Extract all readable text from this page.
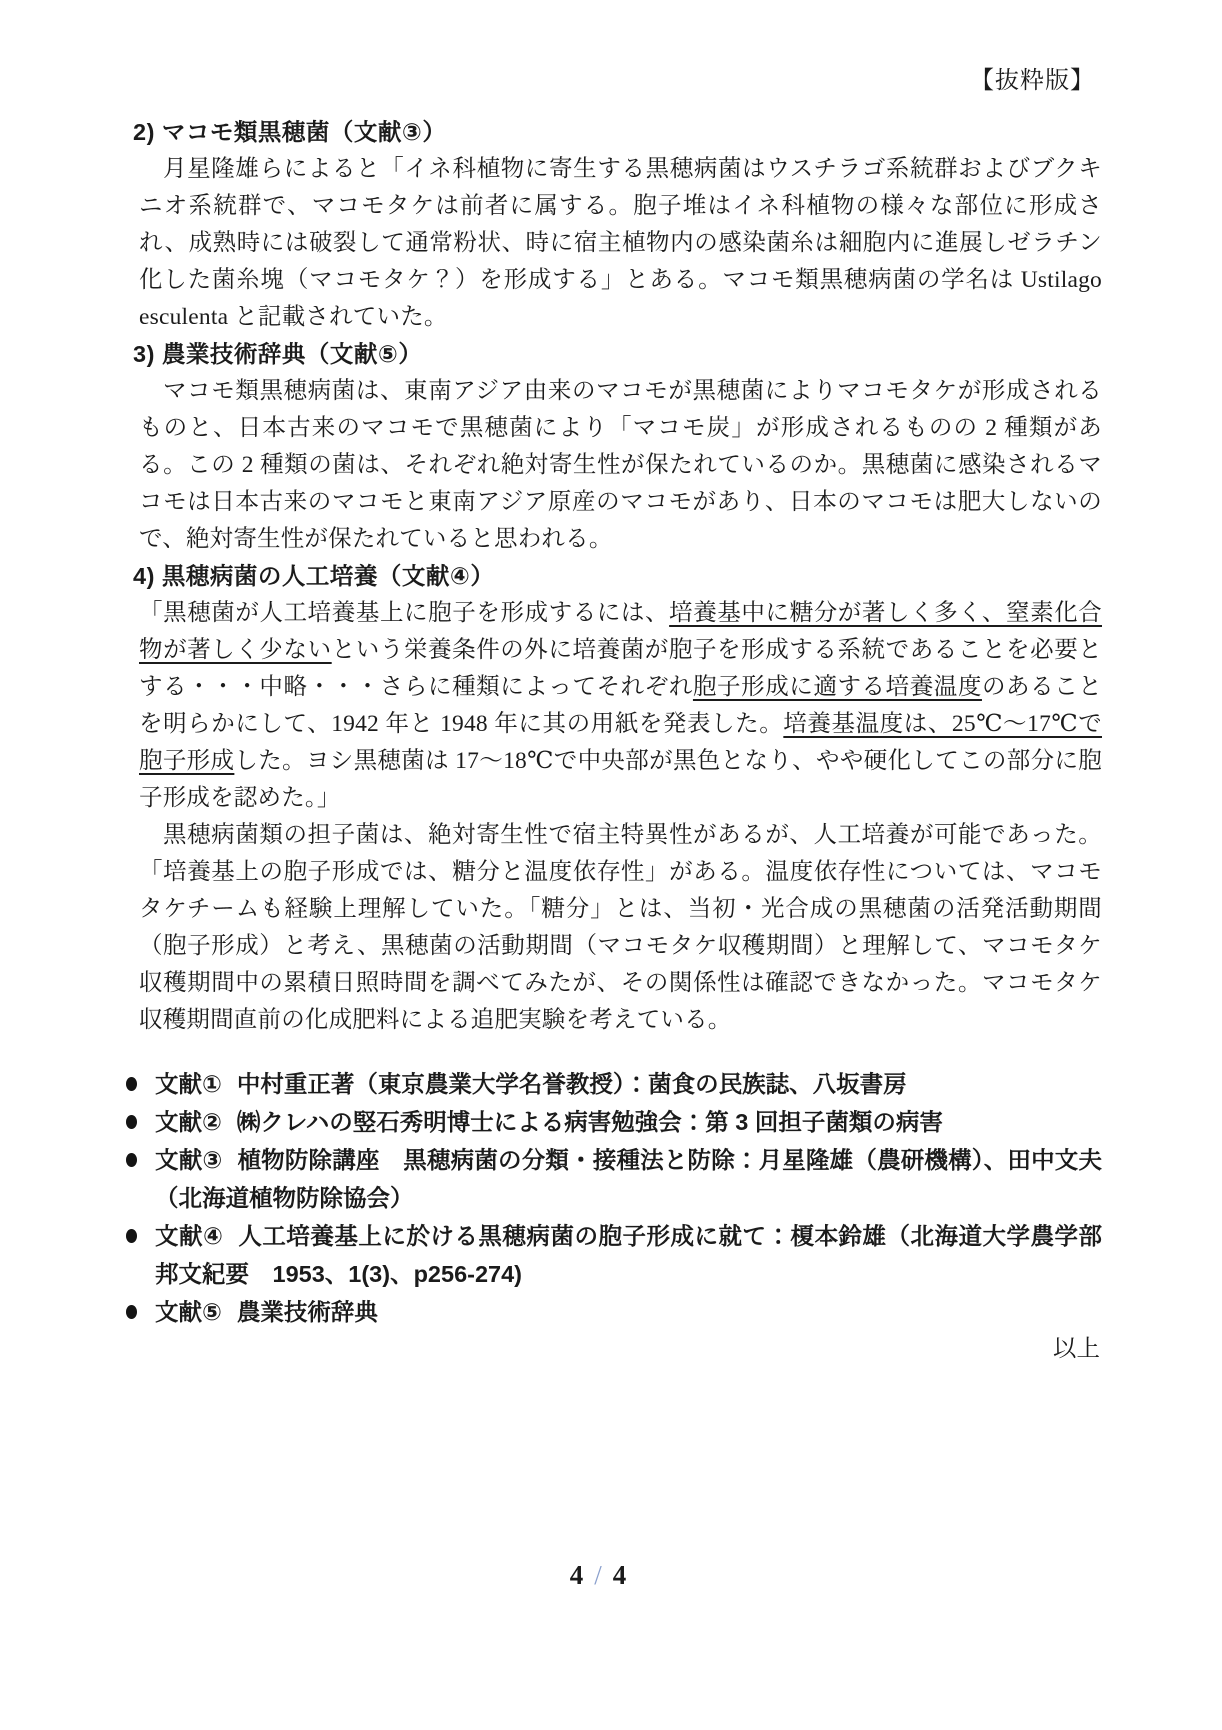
【抜粋版】
2) マコモ類黒穂菌（文献③）
月星隆雄らによると「イネ科植物に寄生する黒穂病菌はウスチラゴ系統群およびブクキニオ系統群で、マコモタケは前者に属する。胞子堆はイネ科植物の様々な部位に形成され、成熟時には破裂して通常粉状、時に宿主植物内の感染菌糸は細胞内に進展しゼラチン化した菌糸塊（マコモタケ？）を形成する」とある。マコモ類黒穂病菌の学名は Ustilago esculenta と記載されていた。
3) 農業技術辞典（文献⑤）
マコモ類黒穂病菌は、東南アジア由来のマコモが黒穂菌によりマコモタケが形成されるものと、日本古来のマコモで黒穂菌により「マコモ炭」が形成されるものの 2 種類がある。この 2 種類の菌は、それぞれ絶対寄生性が保たれているのか。黒穂菌に感染されるマコモは日本古来のマコモと東南アジア原産のマコモがあり、日本のマコモは肥大しないので、絶対寄生性が保たれていると思われる。
4) 黒穂病菌の人工培養（文献④）
「黒穂菌が人工培養基上に胞子を形成するには、培養基中に糖分が著しく多く、窒素化合物が著しく少ないという栄養条件の外に培養菌が胞子を形成する系統であることを必要とする・・・中略・・・さらに種類によってそれぞれ胞子形成に適する培養温度のあることを明らかにして、1942 年と 1948 年に其の用紙を発表した。培養基温度は、25℃～17℃で胞子形成した。ヨシ黒穂菌は 17～18℃で中央部が黒色となり、やや硬化してこの部分に胞子形成を認めた。」
黒穂病菌類の担子菌は、絶対寄生性で宿主特異性があるが、人工培養が可能であった。「培養基上の胞子形成では、糖分と温度依存性」がある。温度依存性については、マコモタケチームも経験上理解していた。「糖分」とは、当初・光合成の黒穂菌の活発活動期間（胞子形成）と考え、黒穂菌の活動期間（マコモタケ収穫期間）と理解して、マコモタケ収穫期間中の累積日照時間を調べてみたが、その関係性は確認できなかった。マコモタケ収穫期間直前の化成肥料による追肥実験を考えている。
文献① 中村重正著（東京農業大学名誉教授）：菌食の民族誌、八坂書房
文献② ㈱クレハの竪石秀明博士による病害勉強会：第 3 回担子菌類の病害
文献③ 植物防除講座　黒穂病菌の分類・接種法と防除：月星隆雄（農研機構）、田中文夫（北海道植物防除協会）
文献④ 人工培養基上に於ける黒穂病菌の胞子形成に就て：榎本鈴雄（北海道大学農学部邦文紀要　1953、1(3)、p256-274)
文献⑤ 農業技術辞典
以上
4 / 4
